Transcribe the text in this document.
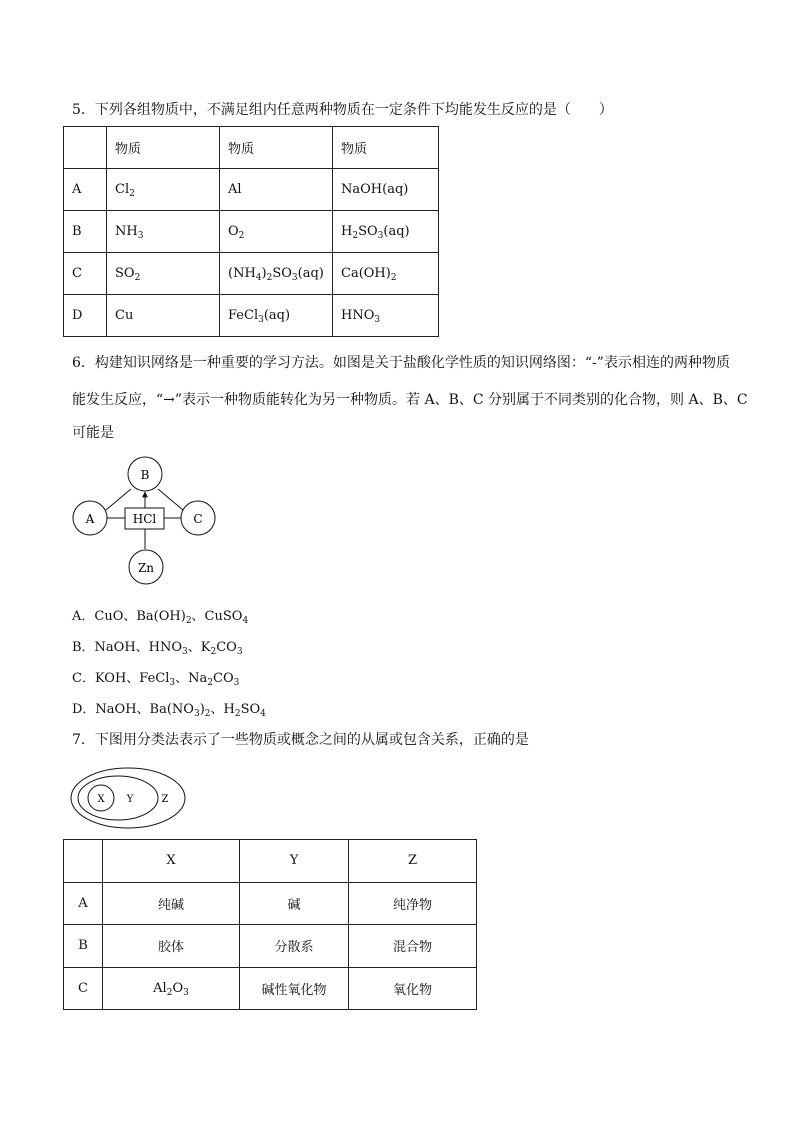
5．下列各组物质中，不满足组内任意两种物质在一定条件下均能发生反应的是（　　）
	物质	物质	物质
A	$Cl_2$	Al	NaOH(aq)
B	$NH_3$	$O_2$	$H_2SO_3(aq)$
C	$SO_2$	$(NH_4)_2SO_3(aq)$	$Ca(OH)_2$
D	Cu	FeCl$_3$(aq)	$HNO_3$
6．构建知识网络是一种重要的学习方法。如图是关于盐酸化学性质的知识网络图：“-”表示相连的两种物质
能发生反应，“→”表示一种物质能转化为另一种物质。若 A、B、C 分别属于不同类别的化合物，则 A、B、C
可能是
B
A	C
Zn
HCl
A．CuO、$Ba(OH)_2$、CuSO$_4$
B．NaOH、$HNO_3$、$K_2CO_3$
C．KOH、FeCl$_3$、$Na_2CO_3$
D．NaOH、$Ba(NO_3)_2$、$H_2SO_4$
7．下图用分类法表示了一些物质或概念之间的从属或包含关系，正确的是
X Y	Z
	X	Y	Z
A	纯碱	碱	纯净物
B	胶体	分散系	混合物
C	$Al_2O_3$	碱性氧化物	氧化物
